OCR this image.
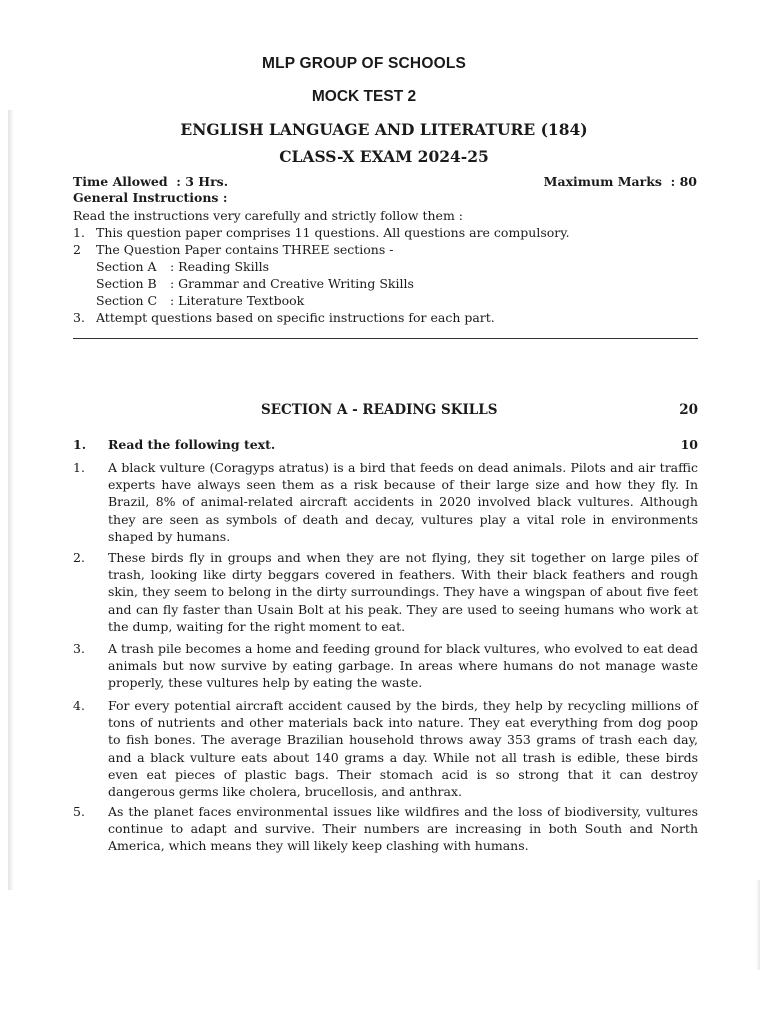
MLP GROUP OF SCHOOLS
MOCK TEST 2
ENGLISH LANGUAGE AND LITERATURE (184)
CLASS-X EXAM 2024-25
Time Allowed  : 3 Hrs.	Maximum Marks  : 80
General Instructions :
Read the instructions very carefully and strictly follow them :
1. This question paper comprises 11 questions. All questions are compulsory.
2 The Question Paper contains THREE sections -
Section A : Reading Skills
Section B : Grammar and Creative Writing Skills
Section C : Literature Textbook
3. Attempt questions based on specific instructions for each part.
SECTION A - READING SKILLS	20
1. Read the following text.	10
1. A black vulture (Coragyps atratus) is a bird that feeds on dead animals. Pilots and air traffic experts have always seen them as a risk because of their large size and how they fly. In Brazil, 8% of animal-related aircraft accidents in 2020 involved black vultures. Although they are seen as symbols of death and decay, vultures play a vital role in environments shaped by humans.
2. These birds fly in groups and when they are not flying, they sit together on large piles of trash, looking like dirty beggars covered in feathers. With their black feathers and rough skin, they seem to belong in the dirty surroundings. They have a wingspan of about five feet and can fly faster than Usain Bolt at his peak. They are used to seeing humans who work at the dump, waiting for the right moment to eat.
3. A trash pile becomes a home and feeding ground for black vultures, who evolved to eat dead animals but now survive by eating garbage. In areas where humans do not manage waste properly, these vultures help by eating the waste.
4. For every potential aircraft accident caused by the birds, they help by recycling millions of tons of nutrients and other materials back into nature. They eat everything from dog poop to fish bones. The average Brazilian household throws away 353 grams of trash each day, and a black vulture eats about 140 grams a day. While not all trash is edible, these birds even eat pieces of plastic bags. Their stomach acid is so strong that it can destroy dangerous germs like cholera, brucellosis, and anthrax.
5. As the planet faces environmental issues like wildfires and the loss of biodiversity, vultures continue to adapt and survive. Their numbers are increasing in both South and North America, which means they will likely keep clashing with humans.
